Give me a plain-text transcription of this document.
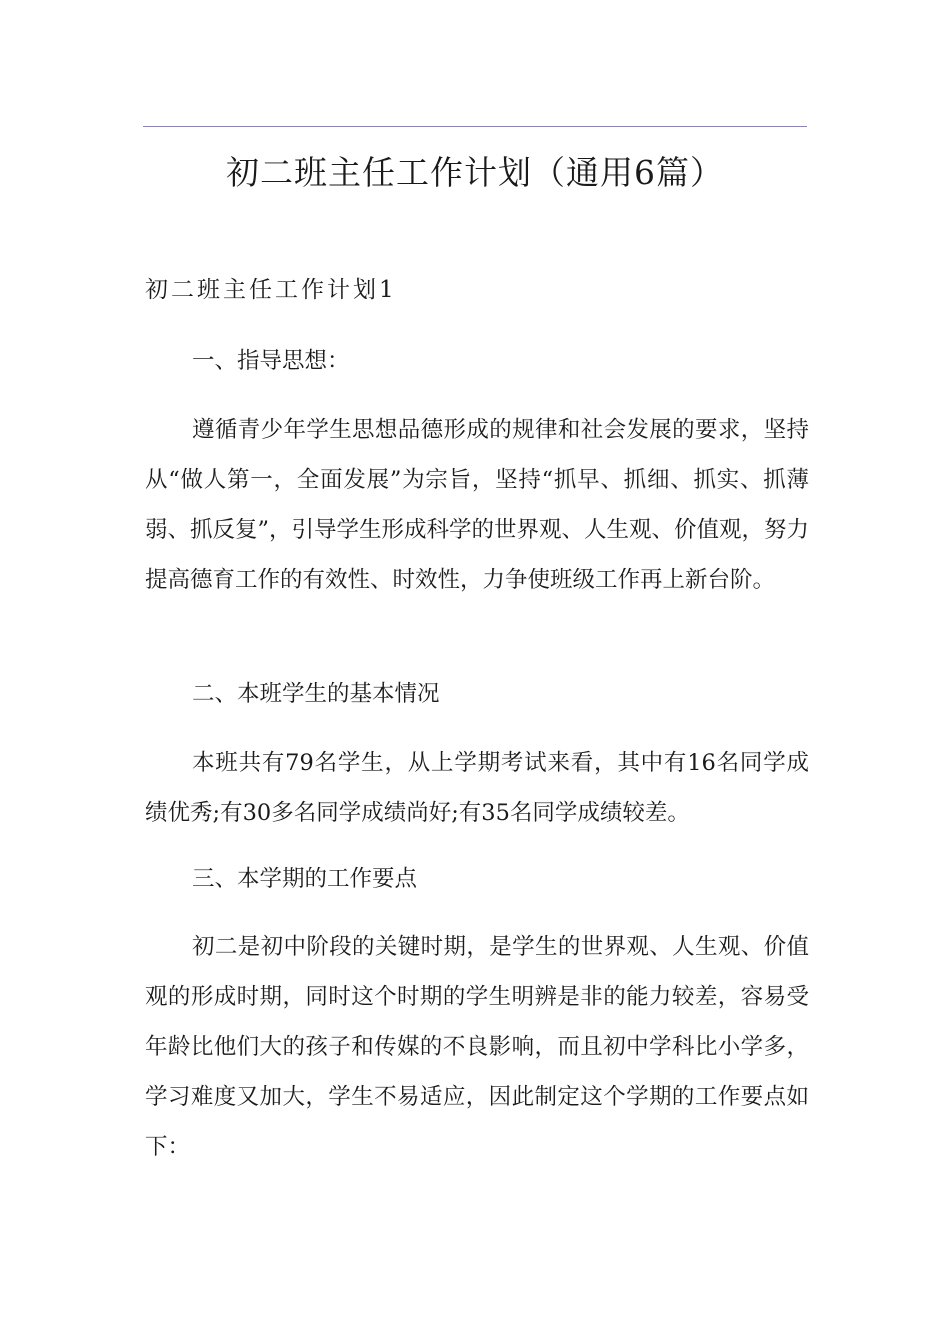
初二班主任工作计划（通用6篇）
初二班主任工作计划1
一、指导思想：
遵循青少年学生思想品德形成的规律和社会发展的要求，坚持从“做人第一，全面发展”为宗旨，坚持“抓早、抓细、抓实、抓薄弱、抓反复”，引导学生形成科学的世界观、人生观、价值观，努力提高德育工作的有效性、时效性，力争使班级工作再上新台阶。
二、本班学生的基本情况
本班共有79名学生，从上学期考试来看，其中有16名同学成绩优秀;有30多名同学成绩尚好;有35名同学成绩较差。
三、本学期的工作要点
初二是初中阶段的关键时期，是学生的世界观、人生观、价值观的形成时期，同时这个时期的学生明辨是非的能力较差，容易受年龄比他们大的孩子和传媒的不良影响，而且初中学科比小学多，学习难度又加大，学生不易适应，因此制定这个学期的工作要点如下：
